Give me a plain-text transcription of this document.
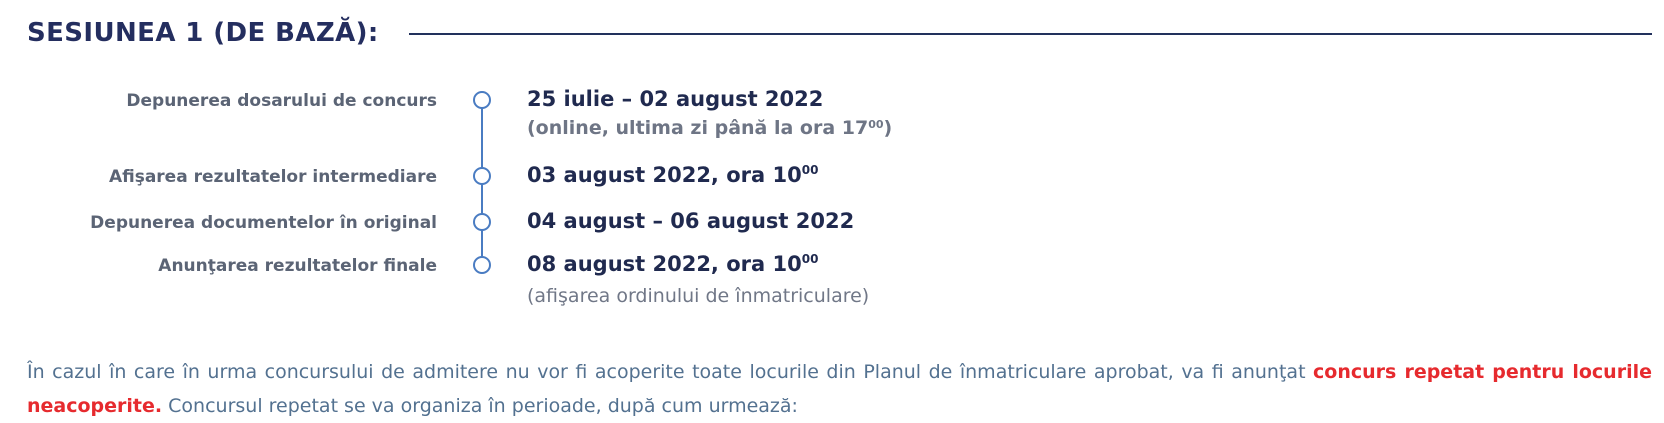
SESIUNEA 1 (DE BAZĂ):
Depunerea dosarului de concurs	25 iulie – 02 august 2022
(online, ultima zi până la ora $17^{00}$)
Afişarea rezultatelor intermediare	03 august 2022, ora $10^{00}$
Depunerea documentelor în original	04 august – 06 august 2022
Anunţarea rezultatelor finale	08 august 2022, ora $10^{00}$
(afişarea ordinului de înmatriculare)
În cazul în care în urma concursului de admitere nu vor fi acoperite toate locurile din Planul de înmatriculare aprobat, va fi anunţat concurs repetat pentru locurile neacoperite. Concursul repetat se va organiza în perioade, după cum urmează:
